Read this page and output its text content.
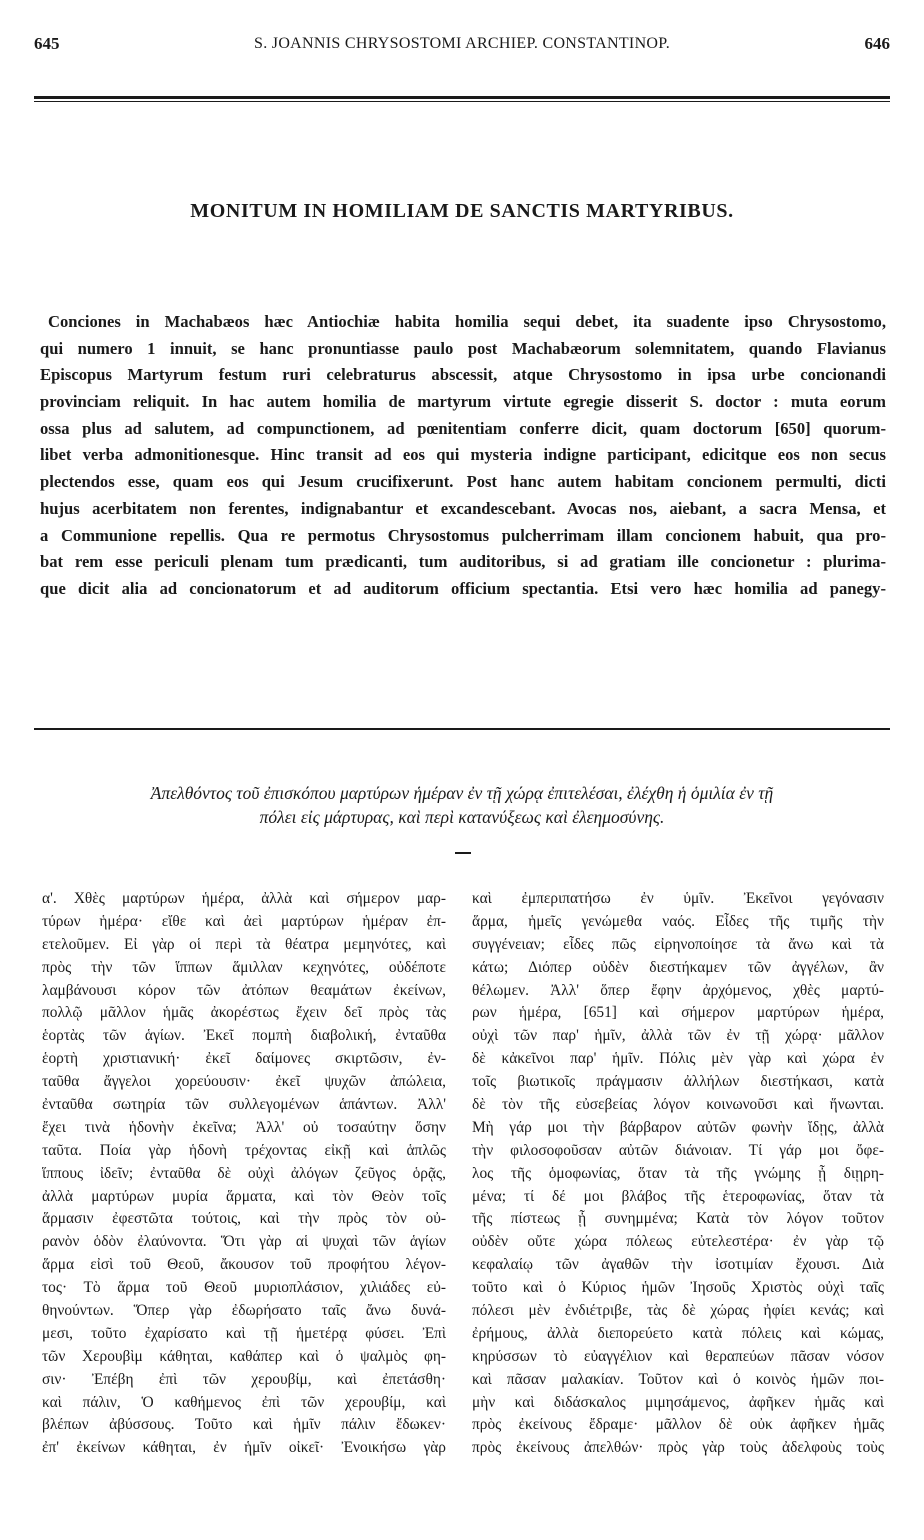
645	S. JOANNIS CHRYSOSTOMI ARCHIEP. CONSTANTINOP.	646
MONITUM IN HOMILIAM DE SANCTIS MARTYRIBUS.
Conciones in Machabæos hæc Antiochiæ habita homilia sequi debet, ita suadente ipso Chrysostomo,
qui numero 1 innuit, se hanc pronuntiasse paulo post Machabæorum solemnitatem, quando Flavianus
Episcopus Martyrum festum ruri celebraturus abscessit, atque Chrysostomo in ipsa urbe concionandi
provinciam reliquit. In hac autem homilia de martyrum virtute egregie disserit S. doctor : muta eorum
ossa plus ad salutem, ad compunctionem, ad pœnitentiam conferre dicit, quam doctorum [650] quorum-
libet verba admonitionesque. Hinc transit ad eos qui mysteria indigne participant, edicitque eos non secus
plectendos esse, quam eos qui Jesum crucifixerunt. Post hanc autem habitam concionem permulti, dicti
hujus acerbitatem non ferentes, indignabantur et excandescebant. Avocas nos, aiebant, a sacra Mensa, et
a Communione repellis. Qua re permotus Chrysostomus pulcherrimam illam concionem habuit, qua pro-
bat rem esse periculi plenam tum prædicanti, tum auditoribus, si ad gratiam ille concionetur : plurima-
que dicit alia ad concionatorum et ad auditorum officium spectantia. Etsi vero hæc homilia ad panegy-
Ἀπελθόντος τοῦ ἐπισκόπου μαρτύρων ἡμέραν ἐν τῇ χώρᾳ ἐπιτελέσαι, ἐλέχθη ἡ ὁμιλία ἐν τῇ
πόλει εἰς μάρτυρας, καὶ περὶ κατανύξεως καὶ ἐλεημοσύνης.
α'. Χθὲς μαρτύρων ἡμέρα, ἀλλὰ καὶ σήμερον μαρ-
τύρων ἡμέρα· εἴθε καὶ ἀεὶ μαρτύρων ἡμέραν ἐπ-
ετελοῦμεν. Εἰ γὰρ οἱ περὶ τὰ θέατρα μεμηνότες, καὶ
πρὸς τὴν τῶν ἵππων ἅμιλλαν κεχηνότες, οὐδέποτε
λαμβάνουσι κόρον τῶν ἀτόπων θεαμάτων ἐκείνων,
πολλῷ μᾶλλον ἡμᾶς ἀκορέστως ἔχειν δεῖ πρὸς τὰς
ἑορτὰς τῶν ἁγίων. Ἐκεῖ πομπὴ διαβολική, ἐνταῦθα
ἑορτὴ χριστιανική· ἐκεῖ δαίμονες σκιρτῶσιν, ἐν-
ταῦθα ἄγγελοι χορεύουσιν· ἐκεῖ ψυχῶν ἀπώλεια,
ἐνταῦθα σωτηρία τῶν συλλεγομένων ἁπάντων. Ἀλλ'
ἔχει τινὰ ἡδονὴν ἐκεῖνα; Ἀλλ' οὐ τοσαύτην ὅσην
ταῦτα. Ποία γὰρ ἡδονὴ τρέχοντας εἰκῇ καὶ ἁπλῶς
ἵππους ἰδεῖν; ἐνταῦθα δὲ οὐχὶ ἀλόγων ζεῦγος ὁρᾷς,
ἀλλὰ μαρτύρων μυρία ἅρματα, καὶ τὸν Θεὸν τοῖς
ἅρμασιν ἐφεστῶτα τούτοις, καὶ τὴν πρὸς τὸν οὐ-
ρανὸν ὁδὸν ἐλαύνοντα. Ὅτι γὰρ αἱ ψυχαὶ τῶν ἁγίων
ἅρμα εἰσὶ τοῦ Θεοῦ, ἄκουσον τοῦ προφήτου λέγον-
τος· Τὸ ἅρμα τοῦ Θεοῦ μυριοπλάσιον, χιλιάδες εὐ-
θηνούντων. Ὅπερ γὰρ ἐδωρήσατο ταῖς ἄνω δυνά-
μεσι, τοῦτο ἐχαρίσατο καὶ τῇ ἡμετέρᾳ φύσει. Ἐπὶ
τῶν Χερουβὶμ κάθηται, καθάπερ καὶ ὁ ψαλμὸς φη-
σιν· Ἐπέβη ἐπὶ τῶν χερουβίμ, καὶ ἐπετάσθη·
καὶ πάλιν, Ὁ καθήμενος ἐπὶ τῶν χερουβίμ, καὶ
βλέπων ἀβύσσους. Τοῦτο καὶ ἡμῖν πάλιν ἔδωκεν·
ἐπ' ἐκείνων κάθηται, ἐν ἡμῖν οἰκεῖ· Ἐνοικήσω γὰρ
καὶ ἐμπεριπατήσω ἐν ὑμῖν. Ἐκεῖνοι γεγόνασιν
ἅρμα, ἡμεῖς γενώμεθα ναός. Εἶδες τῆς τιμῆς τὴν
συγγένειαν; εἶδες πῶς εἰρηνοποίησε τὰ ἄνω καὶ τὰ
κάτω; Διόπερ οὐδὲν διεστήκαμεν τῶν ἀγγέλων, ἂν
θέλωμεν. Ἀλλ' ὅπερ ἔφην ἀρχόμενος, χθὲς μαρτύ-
ρων ἡμέρα, [651] καὶ σήμερον μαρτύρων ἡμέρα,
οὐχὶ τῶν παρ' ἡμῖν, ἀλλὰ τῶν ἐν τῇ χώρᾳ· μᾶλλον
δὲ κἀκεῖνοι παρ' ἡμῖν. Πόλις μὲν γὰρ καὶ χώρα ἐν
τοῖς βιωτικοῖς πράγμασιν ἀλλήλων διεστήκασι, κατὰ
δὲ τὸν τῆς εὐσεβείας λόγον κοινωνοῦσι καὶ ἥνωνται.
Μὴ γάρ μοι τὴν βάρβαρον αὐτῶν φωνὴν ἴδῃς, ἀλλὰ
τὴν φιλοσοφοῦσαν αὐτῶν διάνοιαν. Τί γάρ μοι ὄφε-
λος τῆς ὁμοφωνίας, ὅταν τὰ τῆς γνώμης ᾖ διῃρη-
μένα; τί δέ μοι βλάβος τῆς ἑτεροφωνίας, ὅταν τὰ
τῆς πίστεως ᾖ συνημμένα; Κατὰ τὸν λόγον τοῦτον
οὐδὲν οὔτε χώρα πόλεως εὐτελεστέρα· ἐν γὰρ τῷ
κεφαλαίῳ τῶν ἀγαθῶν τὴν ἰσοτιμίαν ἔχουσι. Διὰ
τοῦτο καὶ ὁ Κύριος ἡμῶν Ἰησοῦς Χριστὸς οὐχὶ ταῖς
πόλεσι μὲν ἐνδιέτριβε, τὰς δὲ χώρας ἠφίει κενάς; καὶ
ἐρήμους, ἀλλὰ διεπορεύετο κατὰ πόλεις καὶ κώμας,
κηρύσσων τὸ εὐαγγέλιον καὶ θεραπεύων πᾶσαν νόσον
καὶ πᾶσαν μαλακίαν. Τοῦτον καὶ ὁ κοινὸς ἡμῶν ποι-
μὴν καὶ διδάσκαλος μιμησάμενος, ἀφῆκεν ἡμᾶς καὶ
πρὸς ἐκείνους ἔδραμε· μᾶλλον δὲ οὐκ ἀφῆκεν ἡμᾶς
πρὸς ἐκείνους ἀπελθών· πρὸς γὰρ τοὺς ἀδελφοὺς τοὺς
